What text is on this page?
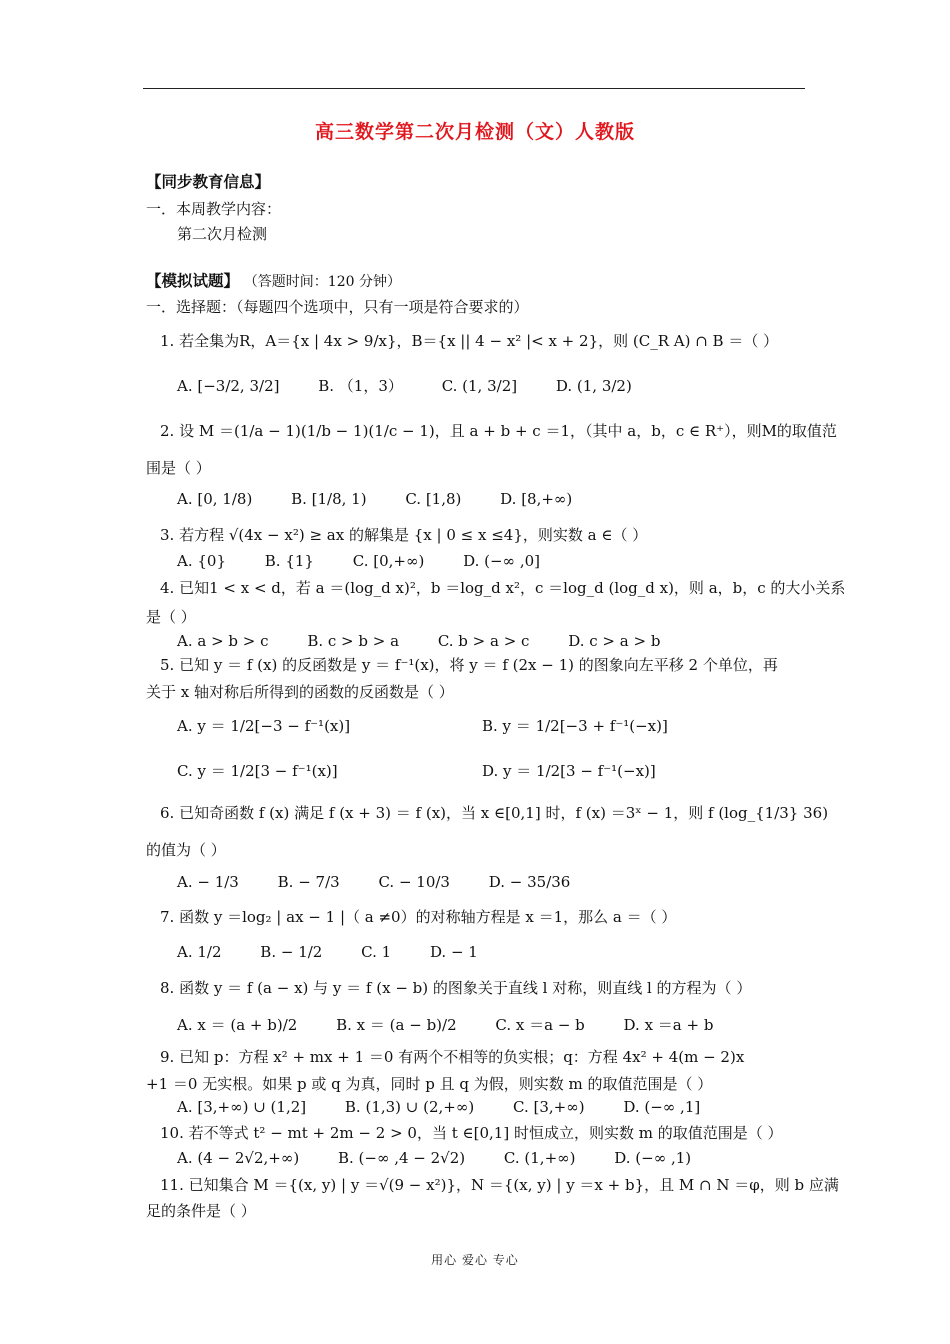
高三数学第二次月检测（文）人教版
【同步教育信息】
一．本周教学内容：
第二次月检测
【模拟试题】 （答题时间：120 分钟）
一．选择题：（每题四个选项中，只有一项是符合要求的）
1. 若全集为R，A＝{x | 4x > 9/x}，B＝{x || 4 − x² |< x + 2}，则 (C_R A) ∩ B ＝（ ）
A. [−3/2, 3/2]	B. （1，3）	C. (1, 3/2]	D. (1, 3/2)
2. 设 M ＝(1/a − 1)(1/b − 1)(1/c − 1)，且 a + b + c ＝1，（其中 a，b，c ∈ R⁺），则M的取值范
围是（ ）
A. [0, 1/8)	B. [1/8, 1)	C. [1,8)	D. [8,+∞)
3. 若方程 √(4x − x²) ≥ ax 的解集是 {x | 0 ≤ x ≤4}，则实数 a ∈（ ）
A. {0}	B. {1}	C. [0,+∞)	D. (−∞ ,0]
4. 已知1 < x < d，若 a ＝(log_d x)²，b ＝log_d x²，c ＝log_d (log_d x)，则 a，b，c 的大小关系
是（ ）
A. a > b > c	B. c > b > a	C. b > a > c	D. c > a > b
5. 已知 y ＝ f (x) 的反函数是 y ＝ f⁻¹(x)，将 y ＝ f (2x − 1) 的图象向左平移 2 个单位，再
关于 x 轴对称后所得到的函数的反函数是（ ）
A. y ＝ 1/2[−3 − f⁻¹(x)]	B. y ＝ 1/2[−3 + f⁻¹(−x)]
C. y ＝ 1/2[3 − f⁻¹(x)]	D. y ＝ 1/2[3 − f⁻¹(−x)]
6. 已知奇函数 f (x) 满足 f (x + 3) ＝ f (x)，当 x ∈[0,1] 时，f (x) ＝3ˣ − 1，则 f (log_{1/3} 36)
的值为（ ）
A. − 1/3	B. − 7/3	C. − 10/3	D. − 35/36
7. 函数 y ＝log₂ | ax − 1 |（ a ≠0）的对称轴方程是 x ＝1，那么 a ＝（ ）
A. 1/2	B. − 1/2	C. 1	D. − 1
8. 函数 y ＝ f (a − x) 与 y ＝ f (x − b) 的图象关于直线 l 对称，则直线 l 的方程为（ ）
A. x ＝ (a + b)/2	B. x ＝ (a − b)/2	C. x ＝a − b	D. x ＝a + b
9. 已知 p：方程 x² + mx + 1 ＝0 有两个不相等的负实根；q：方程 4x² + 4(m − 2)x
+1 ＝0 无实根。如果 p 或 q 为真，同时 p 且 q 为假，则实数 m 的取值范围是（ ）
A. [3,+∞) ∪ (1,2]	B. (1,3) ∪ (2,+∞)	C. [3,+∞)	D. (−∞ ,1]
10. 若不等式 t² − mt + 2m − 2 > 0，当 t ∈[0,1] 时恒成立，则实数 m 的取值范围是（ ）
A. (4 − 2√2,+∞)	B. (−∞ ,4 − 2√2)	C. (1,+∞)	D. (−∞ ,1)
11. 已知集合 M ＝{(x, y) | y ＝√(9 − x²)}，N ＝{(x, y) | y ＝x + b}，且 M ∩ N ＝φ，则 b 应满
足的条件是（ ）
用心 爱心 专心
